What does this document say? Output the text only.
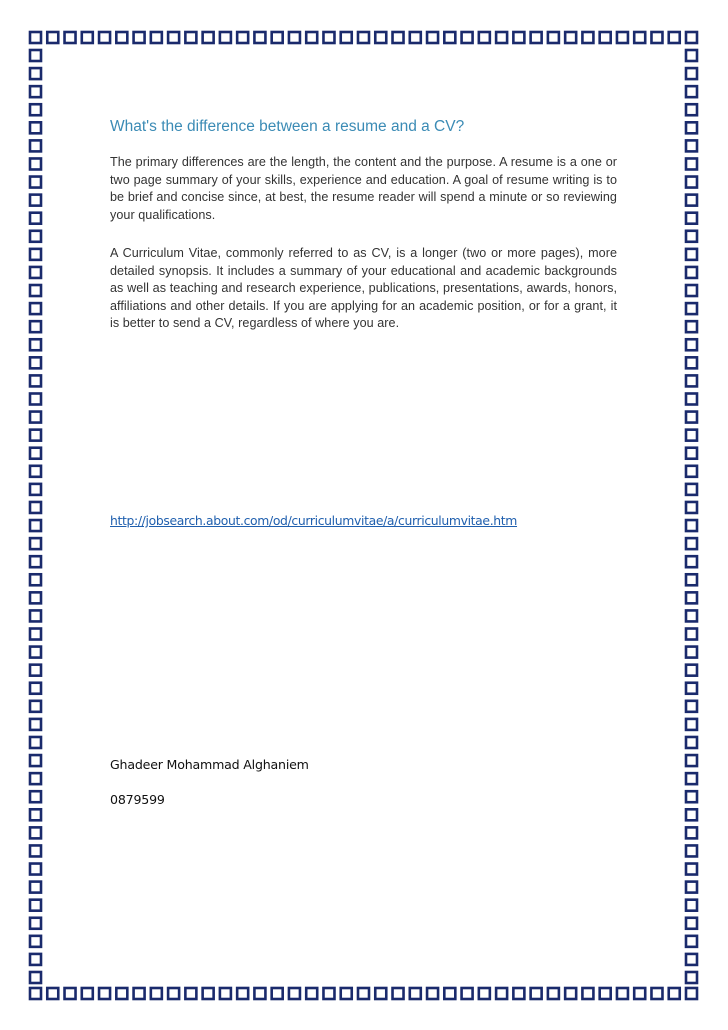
What's the difference between a resume and a CV?

The primary differences are the length, the content and the purpose. A resume is a one or two page summary of your skills, experience and education. A goal of resume writing is to be brief and concise since, at best, the resume reader will spend a minute or so reviewing your qualifications.

A Curriculum Vitae, commonly referred to as CV, is a longer (two or more pages), more detailed synopsis. It includes a summary of your educational and academic backgrounds as well as teaching and research experience, publications, presentations, awards, honors, affiliations and other details. If you are applying for an academic position, or for a grant, it is better to send a CV, regardless of where you are.

http://jobsearch.about.com/od/curriculumvitae/a/curriculumvitae.htm
Ghadeer Mohammad Alghaniem
0879599
